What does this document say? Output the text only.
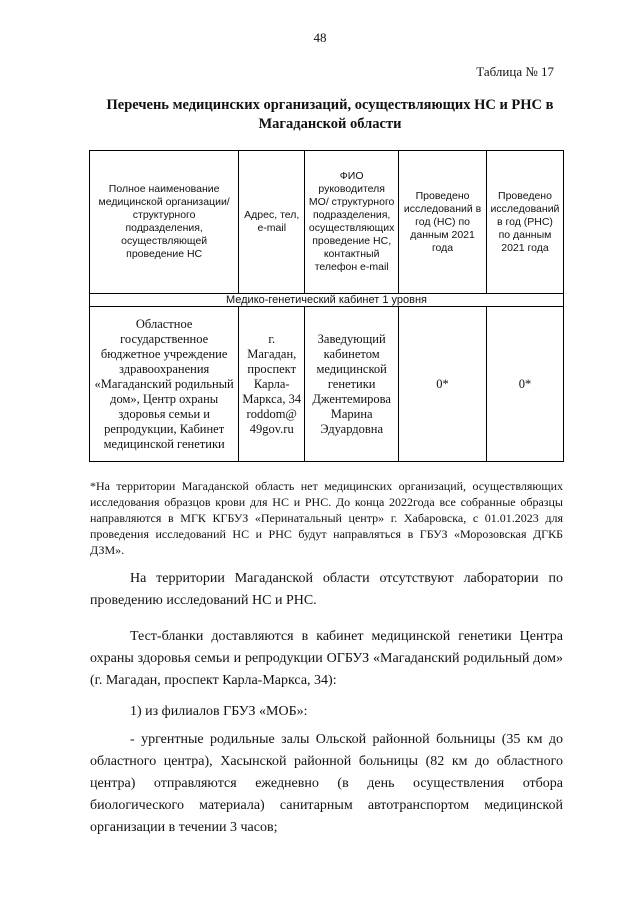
48
Таблица № 17
Перечень медицинских организаций, осуществляющих НС и РНС в Магаданской области
Полное наименование медицинской организации/структурного подразделения, осуществляющей проведение НС	Адрес, тел, e-mail	ФИО руководителя МО/ структурного подразделения, осуществляющих проведение НС, контактный телефон e-mail	Проведено исследований в год (НС) по данным 2021 года	Проведено исследований в год (РНС) по данным 2021 года
Медико-генетический кабинет 1 уровня				
Областное государственное бюджетное учреждение здравоохранения «Магаданский родильный дом», Центр охраны здоровья семьи и репродукции, Кабинет медицинской генетики	г. Магадан, проспект Карла-Маркса, 34 roddom@ 49gov.ru	Заведующий кабинетом медицинской генетики Джентемирова Марина Эдуардовна	0*	0*
*На территории Магаданской область нет медицинских организаций, осуществляющих исследования образцов крови для НС и РНС. До конца 2022года все собранные образцы направляются в МГК КГБУЗ «Перинатальный центр» г. Хабаровска, с 01.01.2023 для проведения исследований НС и РНС будут направляться в ГБУЗ «Морозовская ДГКБ ДЗМ».
На территории Магаданской области отсутствуют лаборатории по проведению исследований НС и РНС.
Тест-бланки доставляются в кабинет медицинской генетики Центра охраны здоровья семьи и репродукции ОГБУЗ «Магаданский родильный дом» (г. Магадан, проспект Карла-Маркса, 34):
1) из филиалов ГБУЗ «МОБ»:
- ургентные родильные залы Ольской районной больницы (35 км до областного центра), Хасынской районной больницы (82 км до областного центра) отправляются ежедневно (в день осуществления отбора биологического материала) санитарным автотранспортом медицинской организации в течении 3 часов;
